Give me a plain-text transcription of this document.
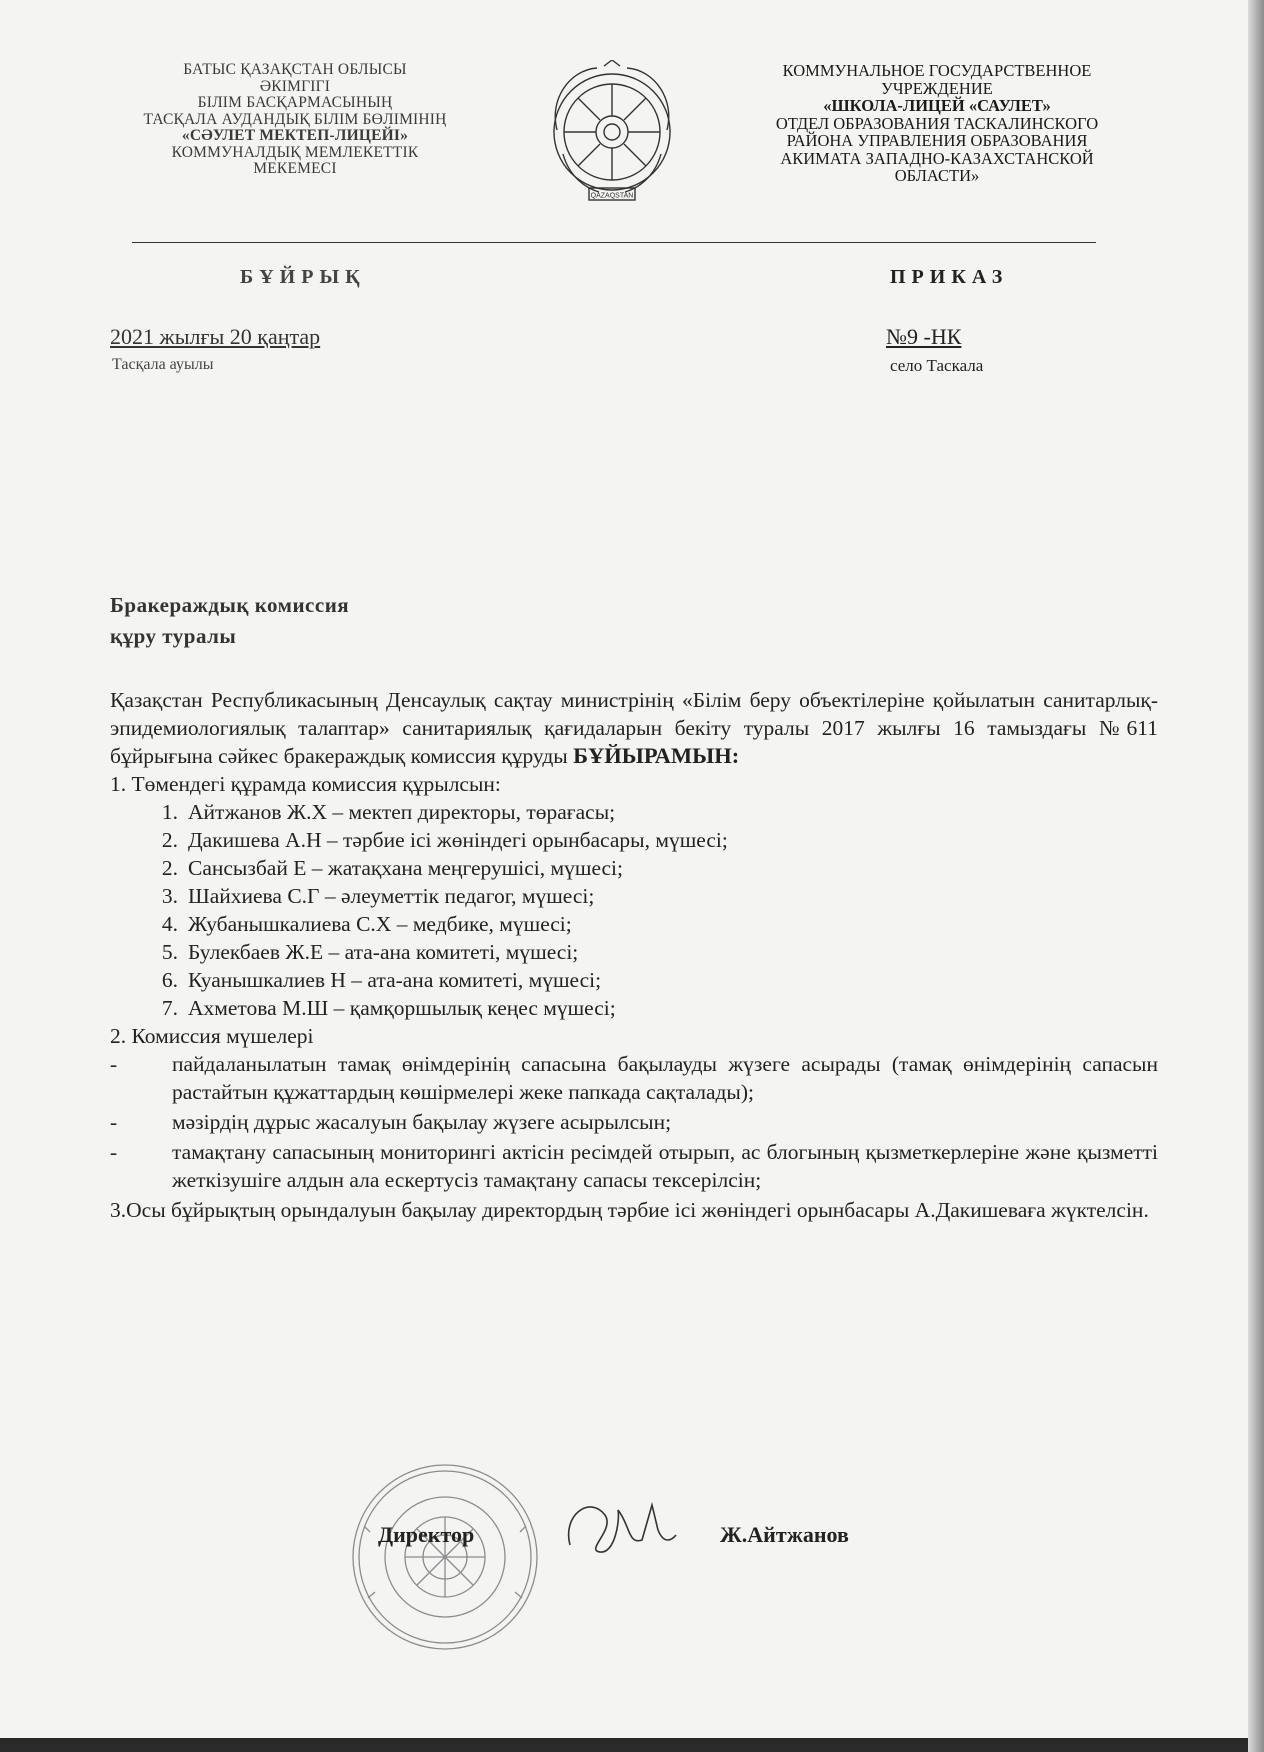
БАТЫС ҚАЗАҚСТАН ОБЛЫСЫ
ӘКІМГІГІ
БІЛІМ БАСҚАРМАСЫНЫҢ
ТАСҚАЛА АУДАНДЫҚ БІЛІМ БӨЛІМІНІҢ
«СӘУЛЕТ МЕКТЕП-ЛИЦЕЙІ»
КОММУНАЛДЫҚ МЕМЛЕКЕТТІК
МЕКЕМЕСІ
QAZAQSTAN
КОММУНАЛЬНОЕ ГОСУДАРСТВЕННОЕ
УЧРЕЖДЕНИЕ
«ШКОЛА-ЛИЦЕЙ «САУЛЕТ»
ОТДЕЛ ОБРАЗОВАНИЯ ТАСКАЛИНСКОГО
РАЙОНА УПРАВЛЕНИЯ ОБРАЗОВАНИЯ
АКИМАТА ЗАПАДНО-КАЗАХСТАНСКОЙ
ОБЛАСТИ»
БҰЙРЫҚ	ПРИКАЗ
2021 жылғы 20 қаңтар
Тасқала ауылы
№9 -НК
село Таскала
Бракераждық комиссия
құру туралы

Қазақстан Республикасының Денсаулық сақтау министрінің «Білім беру объектілеріне қойылатын санитарлық-эпидемиологиялық талаптар» санитариялық қағидаларын бекіту туралы 2017 жылғы 16 тамыздағы №611 бұйрығына сәйкес бракераждық комиссия құруды БҰЙЫРАМЫН:

1. Төмендегі құрамда комиссия құрылсын:

1. Айтжанов Ж.Х – мектеп директоры, төрағасы;
2. Дакишева А.Н – тәрбие ісі жөніндегі орынбасары, мүшесі;
2. Сансызбай Е – жатақхана меңгерушісі, мүшесі;
3. Шайхиева С.Г – әлеуметтік педагог, мүшесі;
4. Жубанышкалиева С.Х – медбике, мүшесі;
5. Булекбаев Ж.Е – ата-ана комитеті, мүшесі;
6. Куанышкалиев Н – ата-ана комитеті, мүшесі;
7. Ахметова М.Ш – қамқоршылық кеңес мүшесі;

2. Комиссия мүшелері

-	пайдаланылатын тамақ өнімдерінің сапасына бақылауды жүзеге асырады (тамақ өнімдерінің сапасын растайтын құжаттардың көшірмелері жеке папкада сақталады);
-	мәзірдің дұрыс жасалуын бақылау жүзеге асырылсын;
-	тамақтану сапасының мониторингі актісін ресімдей отырып, ас блогының қызметкерлеріне және қызметті жеткізушіге алдын ала ескертусіз тамақтану сапасы тексерілсін;

3.Осы бұйрықтың орындалуын бақылау директордың тәрбие ісі жөніндегі орынбасары А.Дакишеваға жүктелсін.

Директор	Ж.Айтжанов
